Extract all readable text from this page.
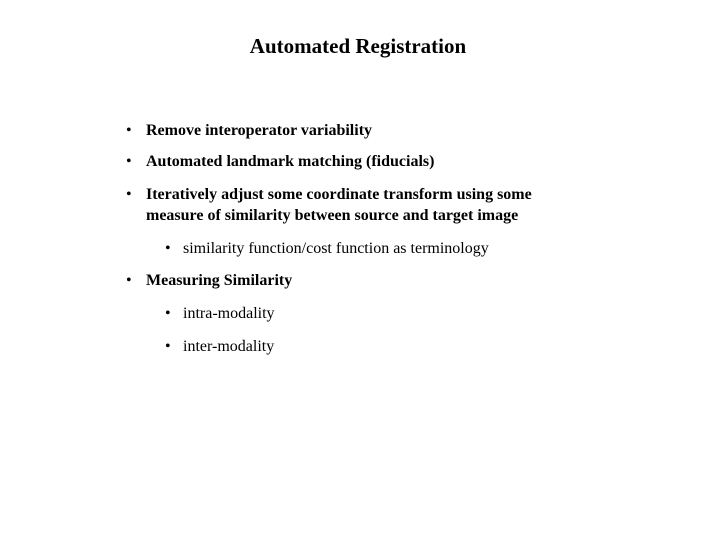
Automated Registration
• Remove interoperator variability
• Automated landmark matching (fiducials)
• Iteratively adjust some coordinate transform using some
measure of similarity between source and target image
• similarity function/cost function as terminology
• Measuring Similarity
• intra-modality
• inter-modality
